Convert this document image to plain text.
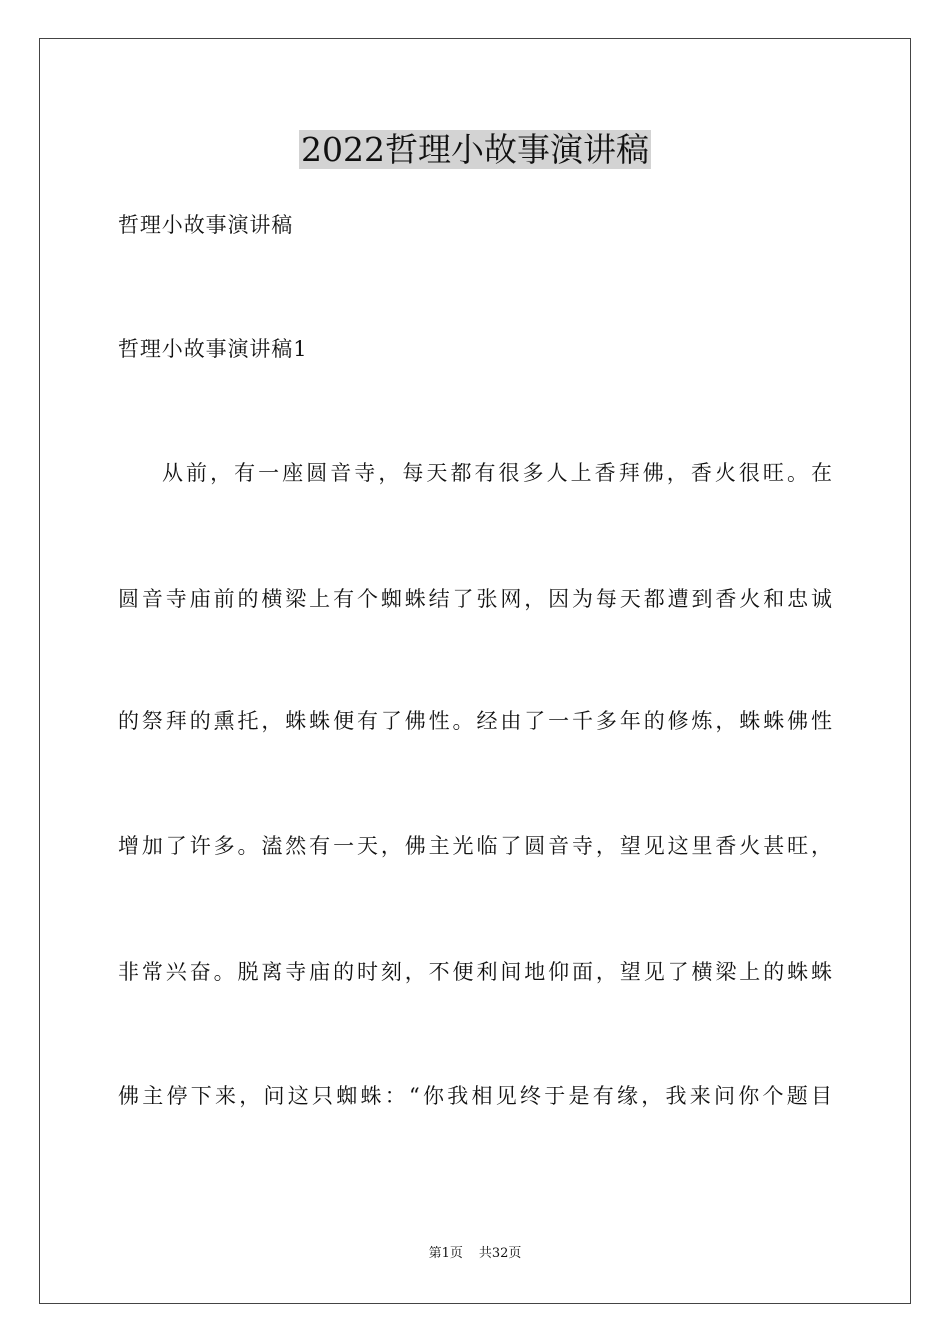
2022哲理小故事演讲稿
哲理小故事演讲稿
哲理小故事演讲稿1
从前，有一座圆音寺，每天都有很多人上香拜佛，香火很旺。在
圆音寺庙前的横梁上有个蜘蛛结了张网，因为每天都遭到香火和忠诚
的祭拜的熏托，蛛蛛便有了佛性。经由了一千多年的修炼，蛛蛛佛性
增加了许多。溘然有一天，佛主光临了圆音寺，望见这里香火甚旺，
非常兴奋。脱离寺庙的时刻，不便利间地仰面，望见了横梁上的蛛蛛
佛主停下来，问这只蜘蛛：“你我相见终于是有缘，我来问你个题目
第1页 共32页
